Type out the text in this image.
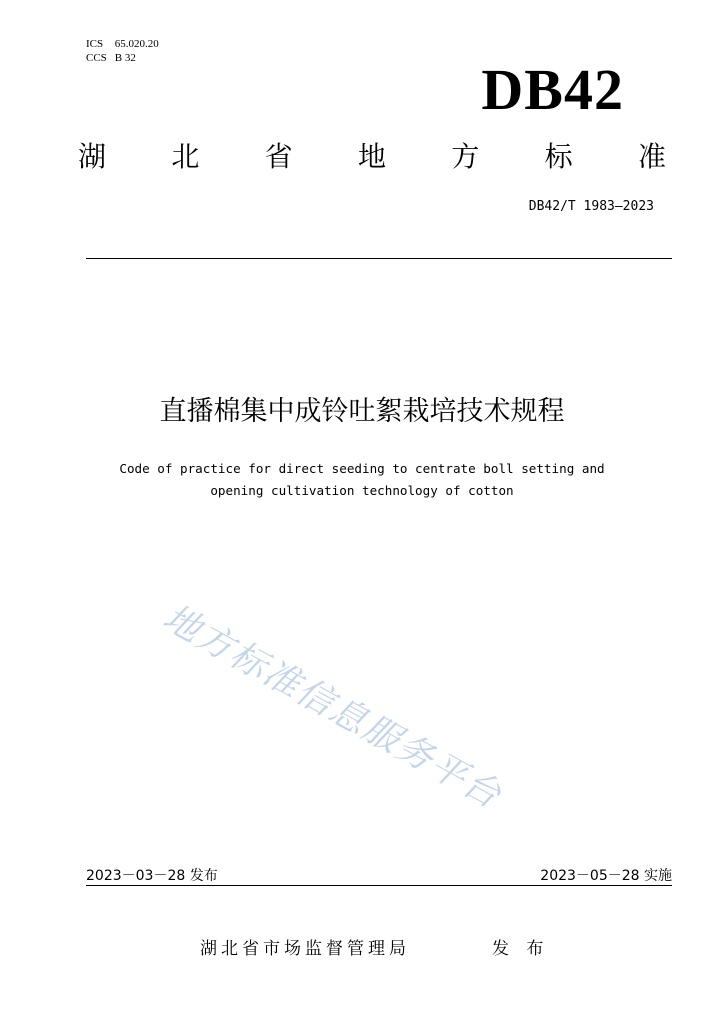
ICS 65.020.20
CCS B 32	DB42
湖 北 省 地 方 标 准
DB42/T 1983—2023
直播棉集中成铃吐絮栽培技术规程
Code of practice for direct seeding to centrate boll setting and
opening cultivation technology of cotton
地方标准信息服务平台
2023－03－28 发布	2023－05－28 实施
湖北省市场监督管理局	发 布
